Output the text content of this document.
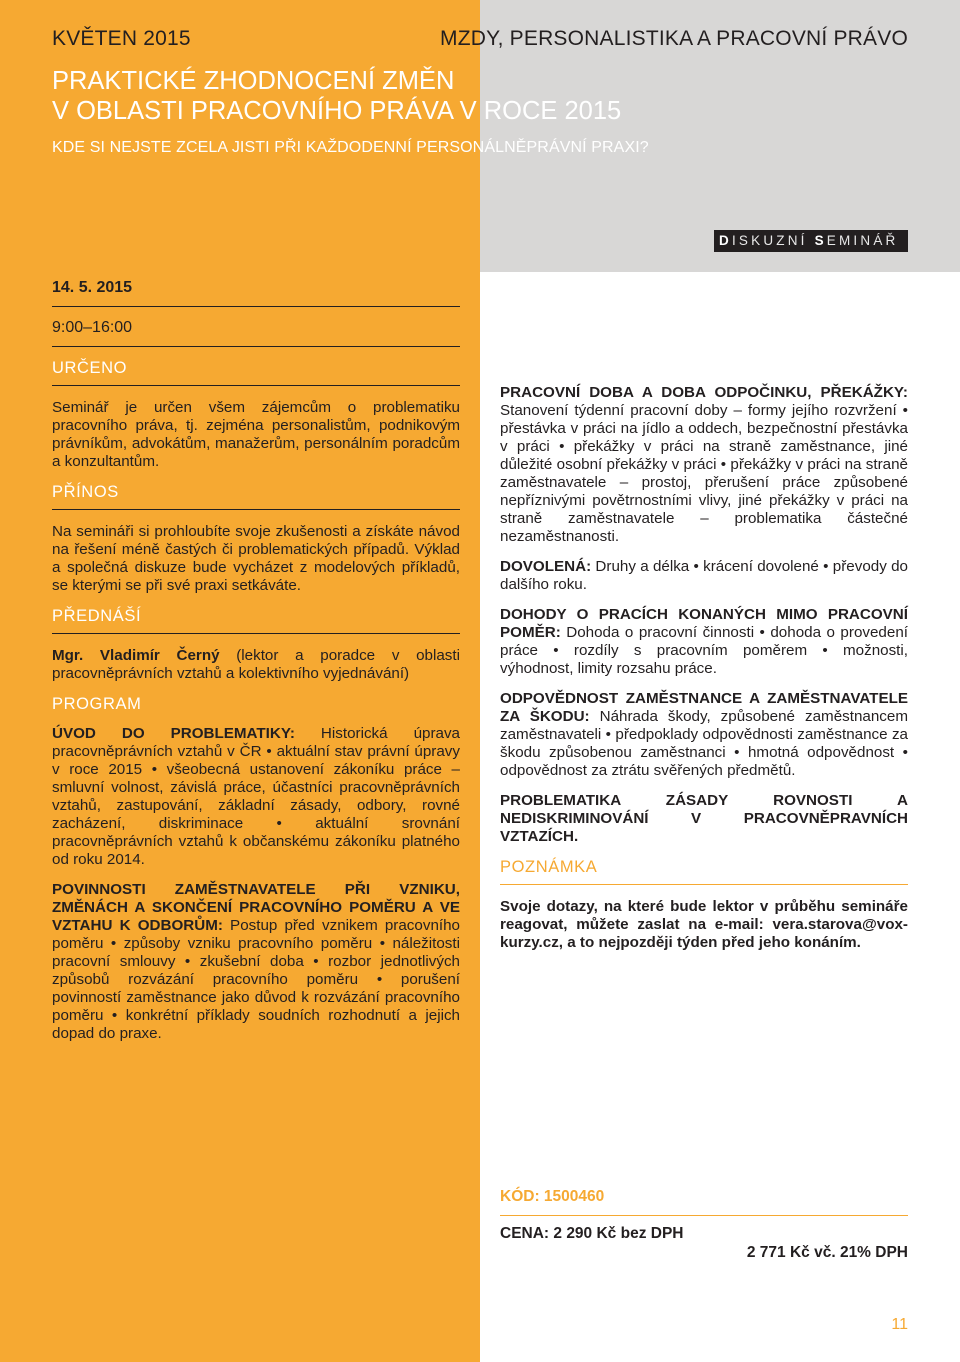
KVĚTEN 2015	MZDY, PERSONALISTIKA A PRACOVNÍ PRÁVO
PRAKTICKÉ ZHODNOCENÍ ZMĚN
V OBLASTI PRACOVNÍHO PRÁVA V ROCE 2015
KDE SI NEJSTE ZCELA JISTI PŘI KAŽDODENNÍ PERSONÁLNĚPRÁVNÍ PRAXI?
DISKUZNÍ SEMINÁŘ
14. 5. 2015
9:00–16:00
URČENO

Seminář je určen všem zájemcům o problematiku pracovního práva, tj. zejména personalistům, podnikovým právníkům, advokátům, manažerům, personálním poradcům a konzultantům.

PŘÍNOS

Na semináři si prohloubíte svoje zkušenosti a získáte návod na řešení méně častých či problematických případů. Výklad a společná diskuze bude vycházet z modelových příkladů, se kterými se při své praxi setkáváte.

PŘEDNÁŠÍ

Mgr. Vladimír Černý (lektor a poradce v oblasti pracovněprávních vztahů a kolektivního vyjednávání)

PROGRAM

ÚVOD DO PROBLEMATIKY: Historická úprava pracovněprávních vztahů v ČR • aktuální stav právní úpravy v roce 2015 • všeobecná ustanovení zákoníku práce – smluvní volnost, závislá práce, účastníci pracovněprávních vztahů, zastupování, základní zásady, odbory, rovné zacházení, diskriminace • aktuální srovnání pracovněprávních vztahů k občanskému zákoníku platného od roku 2014.

POVINNOSTI ZAMĚSTNAVATELE PŘI VZNIKU, ZMĚNÁCH A SKONČENÍ PRACOVNÍHO POMĚRU A VE VZTAHU K ODBORŮM: Postup před vznikem pracovního poměru • způsoby vzniku pracovního poměru • náležitosti pracovní smlouvy • zkušební doba • rozbor jednotlivých způsobů rozvázání pracovního poměru • porušení povinností zaměstnance jako důvod k rozvázání pracovního poměru • konkrétní příklady soudních rozhodnutí a jejich dopad do praxe.

PRACOVNÍ DOBA A DOBA ODPOČINKU, PŘEKÁŽKY: Stanovení týdenní pracovní doby – formy jejího rozvržení • přestávka v práci na jídlo a oddech, bezpečnostní přestávka v práci • překážky v práci na straně zaměstnance, jiné důležité osobní překážky v práci • překážky v práci na straně zaměstnavatele – prostoj, přerušení práce způsobené nepříznivými povětrnostními vlivy, jiné překážky v práci na straně zaměstnavatele – problematika částečné nezaměstnanosti.

DOVOLENÁ: Druhy a délka • krácení dovolené • převody do dalšího roku.

DOHODY O PRACÍCH KONANÝCH MIMO PRACOVNÍ POMĚR: Dohoda o pracovní činnosti • dohoda o provedení práce • rozdíly s pracovním poměrem • možnosti, výhodnost, limity rozsahu práce.

ODPOVĚDNOST ZAMĚSTNANCE A ZAMĚSTNAVATELE ZA ŠKODU: Náhrada škody, způsobené zaměstnancem zaměstnavateli • předpoklady odpovědnosti zaměstnance za škodu způsobenou zaměstnanci • hmotná odpovědnost • odpovědnost za ztrátu svěřených předmětů.

PROBLEMATIKA ZÁSADY ROVNOSTI A NEDISKRIMINOVÁNÍ V PRACOVNĚPRAVNÍCH VZTAZÍCH.

POZNÁMKA

Svoje dotazy, na které bude lektor v průběhu semináře reagovat, můžete zaslat na e-mail: vera.starova@vox-kurzy.cz, a to nejpozději týden před jeho konáním.

KÓD: 1500460
CENA: 2 290 Kč bez DPH
2 771 Kč vč. 21% DPH
11
